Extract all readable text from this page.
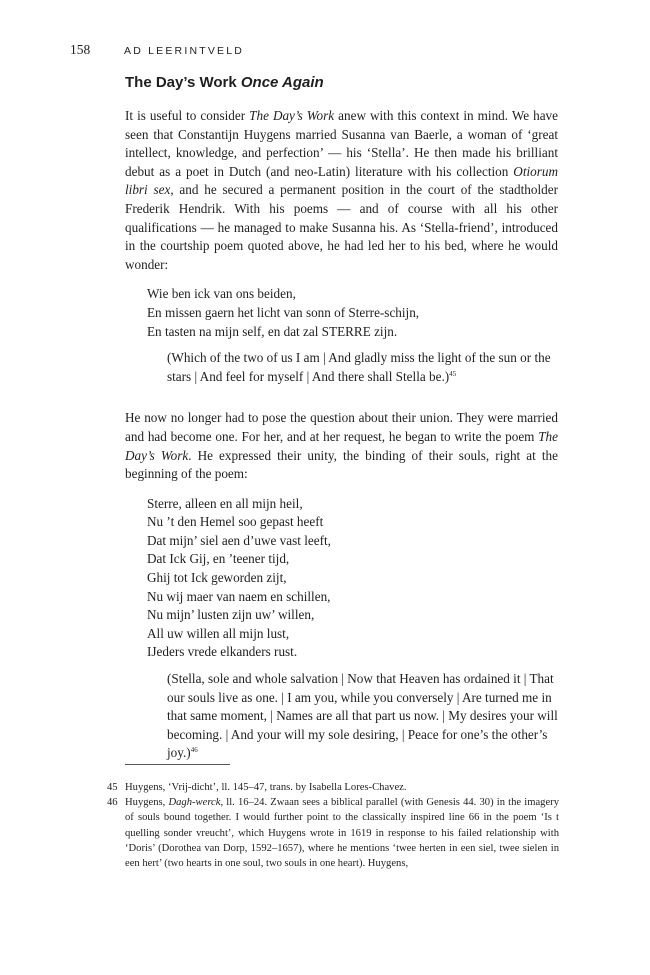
158	AD LEERINTVELD
The Day’s Work Once Again

It is useful to consider The Day’s Work anew with this context in mind. We have seen that Constantijn Huygens married Susanna van Baerle, a woman of ‘great intellect, knowledge, and perfection’ — his ‘Stella’. He then made his brilliant debut as a poet in Dutch (and neo-Latin) literature with his collection Otiorum libri sex, and he secured a permanent position in the court of the stadtholder Frederik Hendrik. With his poems — and of course with all his other qualifications — he managed to make Susanna his. As ‘Stella-friend’, introduced in the courtship poem quoted above, he had led her to his bed, where he would wonder:

Wie ben ick van ons beiden,
En missen gaern het licht van sonn of Sterre-schijn,
En tasten na mijn self, en dat zal STERRE zijn.
(Which of the two of us I am | And gladly miss the light of the sun or the stars | And feel for myself | And there shall Stella be.)$^{45}$

He now no longer had to pose the question about their union. They were married and had become one. For her, and at her request, he began to write the poem The Day’s Work. He expressed their unity, the binding of their souls, right at the beginning of the poem:

Sterre, alleen en all mijn heil,
Nu ’t den Hemel soo gepast heeft
Dat mijn’ siel aen d’uwe vast leeft,
Dat Ick Gij, en ’teener tijd,
Ghij tot Ick geworden zijt,
Nu wij maer van naem en schillen,
Nu mijn’ lusten zijn uw’ willen,
All uw willen all mijn lust,
IJeders vrede elkanders rust.
(Stella, sole and whole salvation | Now that Heaven has ordained it | That our souls live as one. | I am you, while you conversely | Are turned me in that same moment, | Names are all that part us now. | My desires your will becoming. | And your will my sole desiring, | Peace for one’s the other’s joy.)$^{46}$
45 Huygens, ‘Vrij-dicht’, ll. 145–47, trans. by Isabella Lores-Chavez.
46 Huygens, Dagh-werck, ll. 16–24. Zwaan sees a biblical parallel (with Genesis 44. 30) in the imagery of souls bound together. I would further point to the classically inspired line 66 in the poem ‘Is t quelling sonder vreucht’, which Huygens wrote in 1619 in response to his failed relationship with ‘Doris’ (Dorothea van Dorp, 1592–1657), where he mentions ‘twee herten in een siel, twee sielen in een hert’ (two hearts in one soul, two souls in one heart). Huygens,
